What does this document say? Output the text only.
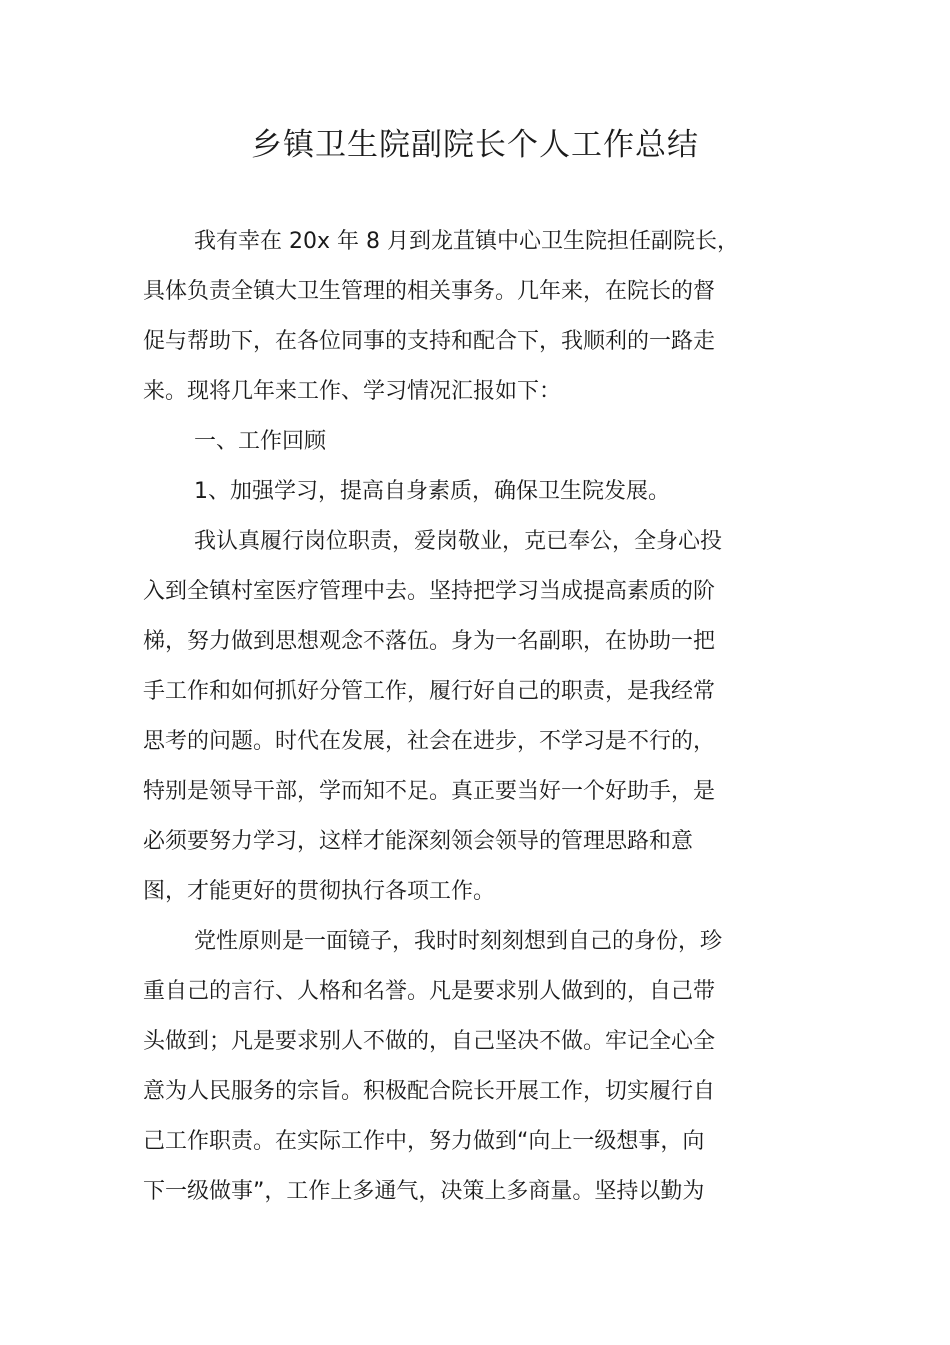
乡镇卫生院副院长个人工作总结

我有幸在 20x 年 8 月到龙苴镇中心卫生院担任副院长，

具体负责全镇大卫生管理的相关事务。几年来，在院长的督

促与帮助下，在各位同事的支持和配合下，我顺利的一路走

来。现将几年来工作、学习情况汇报如下：

一、工作回顾

1、加强学习，提高自身素质，确保卫生院发展。

我认真履行岗位职责，爱岗敬业，克已奉公，全身心投

入到全镇村室医疗管理中去。坚持把学习当成提高素质的阶

梯，努力做到思想观念不落伍。身为一名副职，在协助一把

手工作和如何抓好分管工作，履行好自己的职责，是我经常

思考的问题。时代在发展，社会在进步，不学习是不行的，

特别是领导干部，学而知不足。真正要当好一个好助手，是

必须要努力学习，这样才能深刻领会领导的管理思路和意

图，才能更好的贯彻执行各项工作。

党性原则是一面镜子，我时时刻刻想到自己的身份，珍

重自己的言行、人格和名誉。凡是要求别人做到的，自己带

头做到；凡是要求别人不做的，自己坚决不做。牢记全心全

意为人民服务的宗旨。积极配合院长开展工作，切实履行自

己工作职责。在实际工作中，努力做到“向上一级想事，向

下一级做事”，工作上多通气，决策上多商量。坚持以勤为
